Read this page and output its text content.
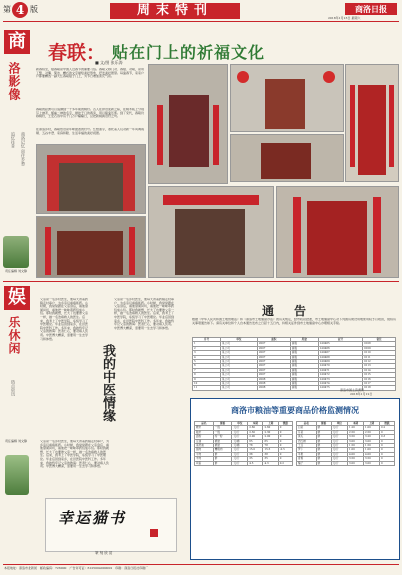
第 4 版	周末特刊	商洛日报
2018年1月13日 星期六
商
洛影像
追忆往昔 商洛记忆 留住乡愁
责任编辑 刘文静
春联： 贴在门上的祈福文化
■ 文/图 张乐涛
新春将至，贴春联是中国人过春节的重要习俗。春联又称门对、春贴、对联，是用工整、对偶、简洁、精巧的文字描绘美好形象，抒发美好愿望。每逢春节，家家户户都要精选一副大红春联贴于门上，为节日增加喜庆气氛。
春联的起源可以追溯到一千多年前的桃符。古人在辞旧迎新之际，在桃木板上分别写上神荼、郁垒二神的名字，悬挂于门的两旁，用以驱鬼压邪。到了宋代，春联仍称桃符，王安石诗中有千门万户曈曈日，总把新桃换旧符之句。
在商洛乡村，春联依旧是年味最浓的符号。红纸黑字，寄托着人们对新一年风调雨顺、五谷丰登、家庭和睦、生活幸福的美好祝愿。
娱
乐休闲
热点资讯
责任编辑 刘文静
父亲是一名乡村医生，他每天背着药箱走村串户，为乡亲们看病抓药。小时候，我常常跟在父亲身后，看他望闻问切，看他把一味味草药包成小包。那时我就想，长大了也要像父亲一样，做一名治病救人的医生。后来，我考上了中医学院，系统学习了中医理论。毕业后回到家乡，在县医院中医科工作。多年来，我始终牢记父亲的教诲：医者仁心，要对病人负责。中医博大精深，需要用一生去学习和体悟。
我的中医情缘
父亲是一名乡村医生，他每天背着药箱走村串户，为乡亲们看病抓药。小时候，我常常跟在父亲身后，看他望闻问切，看他把一味味草药包成小包。那时我就想，长大了也要像父亲一样，做一名治病救人的医生。后来，我考上了中医学院，系统学习了中医理论。毕业后回到家乡，在县医院中医科工作。多年来，我始终牢记父亲的教诲：医者仁心，要对病人负责。中医博大精深，需要用一生去学习和体悟。
父亲是一名乡村医生，他每天背着药箱走村串户，为乡亲们看病抓药。小时候，我常常跟在父亲身后，看他望闻问切，看他把一味味草药包成小包。那时我就想，长大了也要像父亲一样，做一名治病救人的医生。后来，我考上了中医学院，系统学习了中医理论。毕业后回到家乡，在县医院中医科工作。多年来，我始终牢记父亲的教诲：医者仁心，要对病人负责。中医博大精深，需要用一生去学习和体悟。
幸运猫书
篆 刻 欣 赏
通　告
根据《中华人民共和国土地管理法》和《商洛市土地储备办法》的有关规定，经市政府批准，市土地储备中心对下列国有建设用地使用权予以收回，现将有关事项通告如下。请有关单位和个人自本通告发布之日起十五日内，持相关证件到市土地储备中心办理相关手续。
序号	单位	面积	用途	证号	备注
1	某公司	2007	商服	L20465	0108
2	某公司	2007	商服	L20466	0109
3	某公司	2007	商服	L20467	0110
4	某公司	2007	商服	L20468	0111
5	某公司	2007	商服	L20469	0112
6	某公司	2007	商服	L20470	0113
7	某公司	2007	商服	L20471	0114
8	某公司	2007	商服	L20472	0115
9	某公司	2008	商服	L20473	0116
10	某公司	2008	商服	L20474	0117
11	某公司	2008	商服	L20475	0118
商洛市国土资源局
2018年1月12日
商洛市粮油等重要商品价格监测情况
品名	规格	单位	本期	上期	涨跌
粳米	一级	元/斤	2.60	2.60	0
籼米	一级	元/斤	2.30	2.30	0
面粉	特一粉	元/斤	2.00	2.00	0
豆油	桶装	元/桶	65	65	0
菜籽油	桶装	元/桶	78	78	0
猪肉	精瘦肉	元/斤	15.0	15.5	-0.5
牛肉	鲜	元/斤	38	38	0
羊肉	鲜	元/斤	35	35	0
鸡蛋	鲜	元/斤	4.5	4.3	0.2
品名	规格	单位	本期	上期	涨跌
白菜	鲜	元/斤	1.20	1.00	0.2
芹菜	鲜	元/斤	2.50	2.50	0
黄瓜	鲜	元/斤	3.50	3.20	0.3
西红柿	鲜	元/斤	3.00	3.00	0
土豆	鲜	元/斤	1.50	1.50	0
萝卜	鲜	元/斤	1.00	1.00	0
苹果	鲜	元/斤	4.00	4.00	0
香蕉	鲜	元/斤	3.50	3.50	0
橘子	鲜	元/斤	3.00	3.00	0
本报地址：商洛市北新街　邮政编码：726000　广告许可证：6125004000002　印刷：商洛日报社印刷厂
